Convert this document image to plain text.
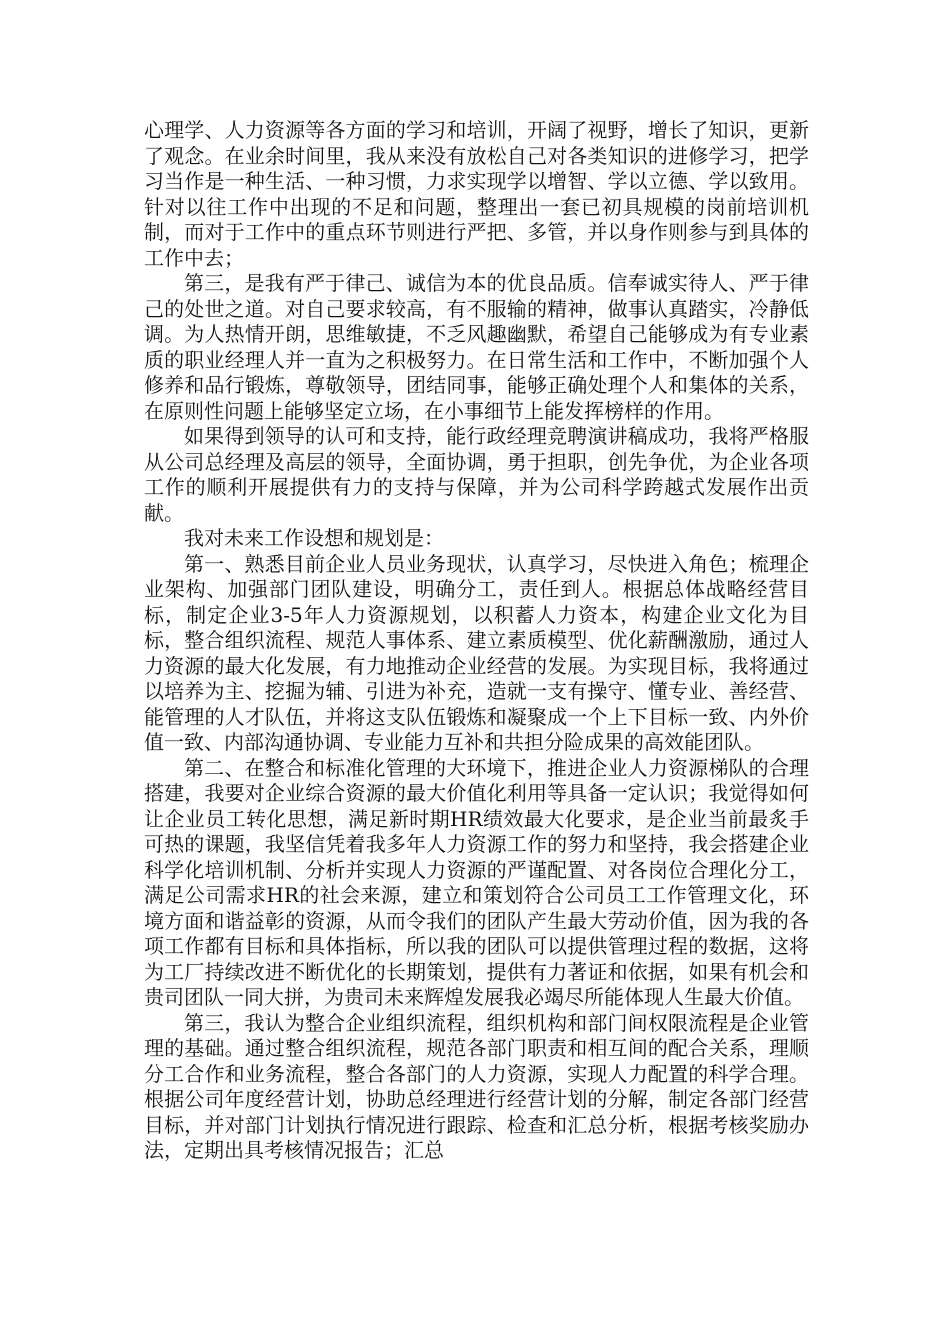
心理学、人力资源等各方面的学习和培训，开阔了视野，增长了知识，更新了观念。在业余时间里，我从来没有放松自己对各类知识的进修学习，把学习当作是一种生活、一种习惯，力求实现学以增智、学以立德、学以致用。针对以往工作中出现的不足和问题，整理出一套已初具规模的岗前培训机制，而对于工作中的重点环节则进行严把、多管，并以身作则参与到具体的工作中去；

第三，是我有严于律己、诚信为本的优良品质。信奉诚实待人、严于律己的处世之道。对自己要求较高，有不服输的精神，做事认真踏实，冷静低调。为人热情开朗，思维敏捷，不乏风趣幽默，希望自己能够成为有专业素质的职业经理人并一直为之积极努力。在日常生活和工作中，不断加强个人修养和品行锻炼，尊敬领导，团结同事，能够正确处理个人和集体的关系，在原则性问题上能够坚定立场，在小事细节上能发挥榜样的作用。

如果得到领导的认可和支持，能行政经理竞聘演讲稿成功，我将严格服从公司总经理及高层的领导，全面协调，勇于担职，创先争优，为企业各项工作的顺利开展提供有力的支持与保障，并为公司科学跨越式发展作出贡献。

我对未来工作设想和规划是：

第一、熟悉目前企业人员业务现状，认真学习，尽快进入角色；梳理企业架构、加强部门团队建设，明确分工，责任到人。根据总体战略经营目标，制定企业3-5年人力资源规划，以积蓄人力资本，构建企业文化为目标，整合组织流程、规范人事体系、建立素质模型、优化薪酬激励，通过人力资源的最大化发展，有力地推动企业经营的发展。为实现目标，我将通过以培养为主、挖掘为辅、引进为补充，造就一支有操守、懂专业、善经营、能管理的人才队伍，并将这支队伍锻炼和凝聚成一个上下目标一致、内外价值一致、内部沟通协调、专业能力互补和共担分险成果的高效能团队。

第二、在整合和标准化管理的大环境下，推进企业人力资源梯队的合理搭建，我要对企业综合资源的最大价值化利用等具备一定认识；我觉得如何让企业员工转化思想，满足新时期HR绩效最大化要求，是企业当前最炙手可热的课题，我坚信凭着我多年人力资源工作的努力和坚持，我会搭建企业科学化培训机制、分析并实现人力资源的严谨配置、对各岗位合理化分工，满足公司需求HR的社会来源，建立和策划符合公司员工工作管理文化，环境方面和谐益彰的资源，从而令我们的团队产生最大劳动价值，因为我的各项工作都有目标和具体指标，所以我的团队可以提供管理过程的数据，这将为工厂持续改进不断优化的长期策划，提供有力著证和依据，如果有机会和贵司团队一同大拼，为贵司未来辉煌发展我必竭尽所能体现人生最大价值。

第三，我认为整合企业组织流程，组织机构和部门间权限流程是企业管理的基础。通过整合组织流程，规范各部门职责和相互间的配合关系，理顺分工合作和业务流程，整合各部门的人力资源，实现人力配置的科学合理。根据公司年度经营计划，协助总经理进行经营计划的分解，制定各部门经营目标，并对部门计划执行情况进行跟踪、检查和汇总分析，根据考核奖励办法，定期出具考核情况报告；汇总
